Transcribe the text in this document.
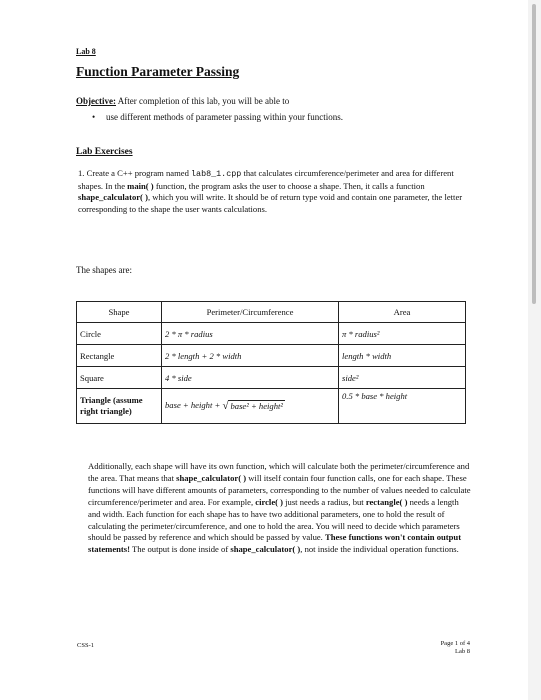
Lab 8
Function Parameter Passing
Objective: After completion of this lab, you will be able to
• use different methods of parameter passing within your functions.
Lab Exercises
1. Create a C++ program named lab8_1.cpp that calculates circumference/perimeter and area for different shapes. In the main( ) function, the program asks the user to choose a shape. Then, it calls a function shape_calculator( ), which you will write. It should be of return type void and contain one parameter, the letter corresponding to the shape the user wants calculations.
The shapes are:
Shape	Perimeter/Circumference	Area
Circle	2 * π * radius	π * radius²
Rectangle	2 * length + 2 * width	length * width
Square	4 * side	side²
Triangle (assume right triangle)	base + height + √ base² + height²	0.5 * base * height
Additionally, each shape will have its own function, which will calculate both the perimeter/circumference and the area. That means that shape_calculator( ) will itself contain four function calls, one for each shape. These functions will have different amounts of parameters, corresponding to the number of values needed to calculate circumference/perimeter and area. For example, circle( ) just needs a radius, but rectangle( ) needs a length and width. Each function for each shape has to have two additional parameters, one to hold the result of calculating the perimeter/circumference, and one to hold the area. You will need to decide which parameters should be passed by reference and which should be passed by value. These functions won't contain output statements! The output is done inside of shape_calculator( ), not inside the individual operation functions.
CSS-1	Page 1 of 4
Lab 8
